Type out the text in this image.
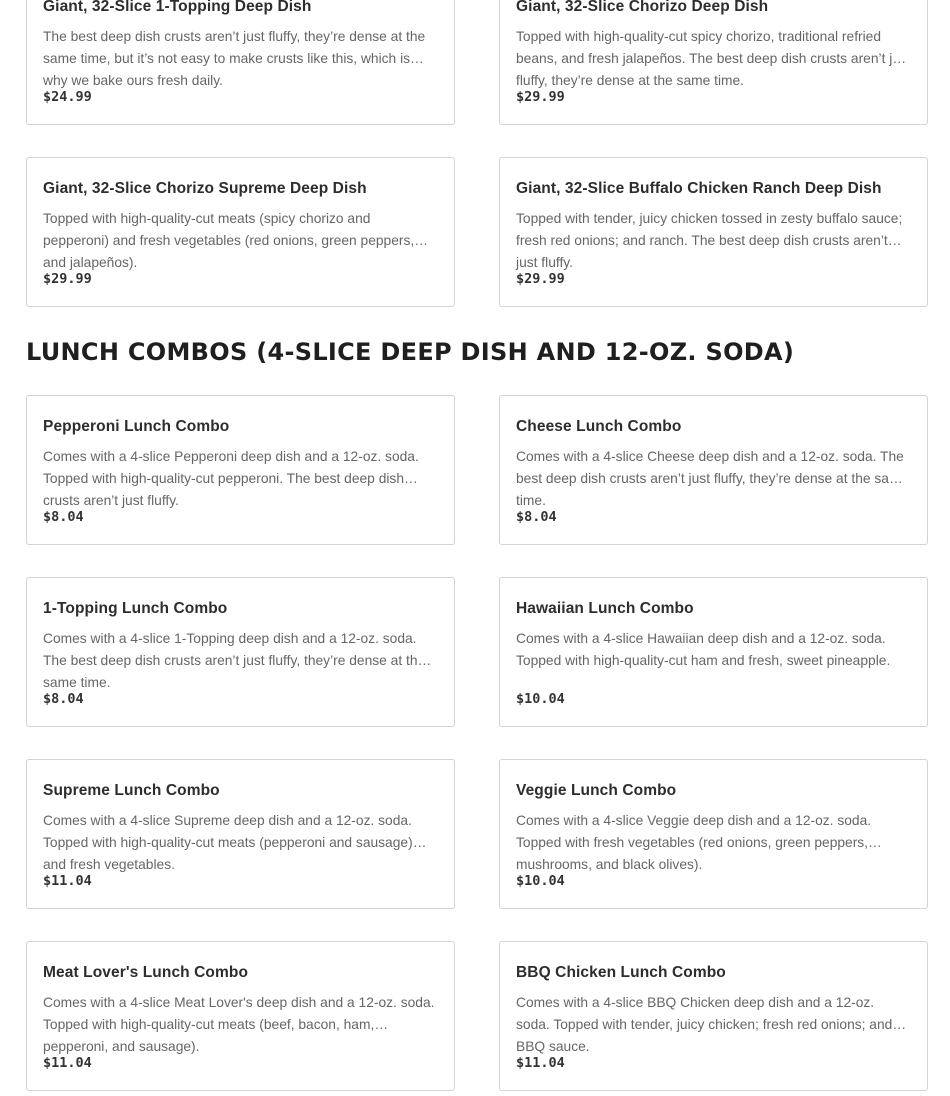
Giant, 32-Slice 1-Topping Deep Dish
The best deep dish crusts aren’t just fluffy, they’re dense at the same time, but it’s not easy to make crusts like this, which is why we bake ours fresh daily.
$24.99
Giant, 32-Slice Chorizo Deep Dish
Topped with high-quality-cut spicy chorizo, traditional refried beans, and fresh jalapeños. The best deep dish crusts aren’t just fluffy, they’re dense at the same time.
$29.99
Giant, 32-Slice Chorizo Supreme Deep Dish
Topped with high-quality-cut meats (spicy chorizo and pepperoni) and fresh vegetables (red onions, green peppers, and jalapeños).
$29.99
Giant, 32-Slice Buffalo Chicken Ranch Deep Dish
Topped with tender, juicy chicken tossed in zesty buffalo sauce; fresh red onions; and ranch. The best deep dish crusts aren’t just fluffy.
$29.99
LUNCH COMBOS (4-SLICE DEEP DISH AND 12-OZ. SODA)
Pepperoni Lunch Combo
Comes with a 4-slice Pepperoni deep dish and a 12-oz. soda. Topped with high-quality-cut pepperoni. The best deep dish crusts aren’t just fluffy.
$8.04
Cheese Lunch Combo
Comes with a 4-slice Cheese deep dish and a 12-oz. soda. The best deep dish crusts aren’t just fluffy, they’re dense at the same time.
$8.04
1-Topping Lunch Combo
Comes with a 4-slice 1-Topping deep dish and a 12-oz. soda. The best deep dish crusts aren’t just fluffy, they’re dense at the same time.
$8.04
Hawaiian Lunch Combo
Comes with a 4-slice Hawaiian deep dish and a 12-oz. soda. Topped with high-quality-cut ham and fresh, sweet pineapple.
$10.04
Supreme Lunch Combo
Comes with a 4-slice Supreme deep dish and a 12-oz. soda. Topped with high-quality-cut meats (pepperoni and sausage) and fresh vegetables.
$11.04
Veggie Lunch Combo
Comes with a 4-slice Veggie deep dish and a 12-oz. soda. Topped with fresh vegetables (red onions, green peppers, mushrooms, and black olives).
$10.04
Meat Lover's Lunch Combo
Comes with a 4-slice Meat Lover's deep dish and a 12-oz. soda. Topped with high-quality-cut meats (beef, bacon, ham, pepperoni, and sausage).
$11.04
BBQ Chicken Lunch Combo
Comes with a 4-slice BBQ Chicken deep dish and a 12-oz. soda. Topped with tender, juicy chicken; fresh red onions; and BBQ sauce.
$11.04
